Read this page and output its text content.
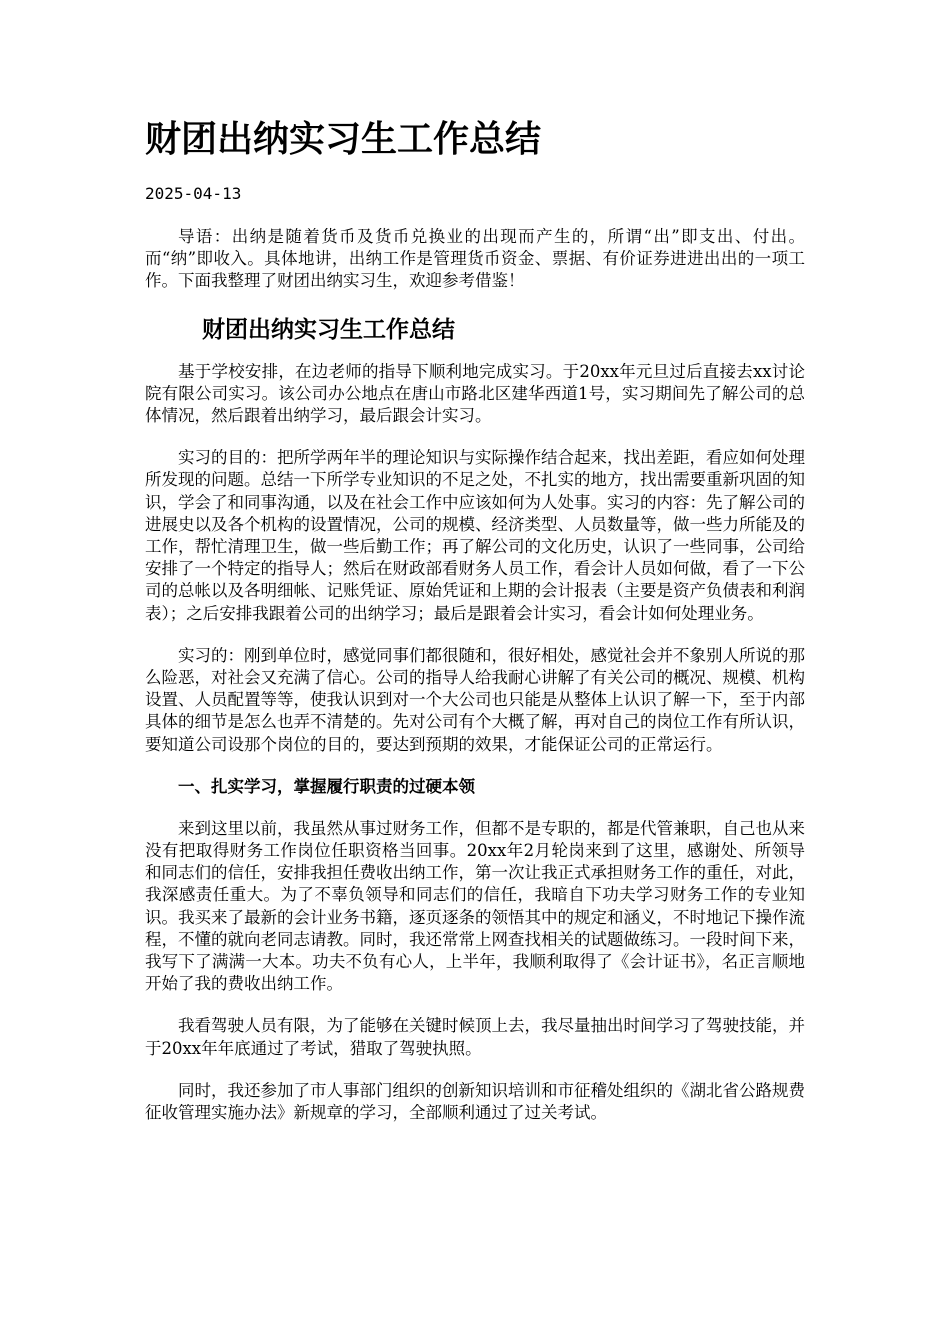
财团出纳实习生工作总结
2025-04-13

导语：出纳是随着货币及货币兑换业的出现而产生的，所谓“出”即支出、付出。而“纳”即收入。具体地讲，出纳工作是管理货币资金、票据、有价证券进进出出的一项工作。下面我整理了财团出纳实习生，欢迎参考借鉴！

财团出纳实习生工作总结

基于学校安排，在边老师的指导下顺利地完成实习。于20xx年元旦过后直接去xx讨论院有限公司实习。该公司办公地点在唐山市路北区建华西道1号，实习期间先了解公司的总体情况，然后跟着出纳学习，最后跟会计实习。

实习的目的：把所学两年半的理论知识与实际操作结合起来，找出差距，看应如何处理所发现的问题。总结一下所学专业知识的不足之处，不扎实的地方，找出需要重新巩固的知识，学会了和同事沟通，以及在社会工作中应该如何为人处事。实习的内容：先了解公司的进展史以及各个机构的设置情况，公司的规模、经济类型、人员数量等，做一些力所能及的工作，帮忙清理卫生，做一些后勤工作；再了解公司的文化历史，认识了一些同事，公司给安排了一个特定的指导人；然后在财政部看财务人员工作，看会计人员如何做，看了一下公司的总帐以及各明细帐、记账凭证、原始凭证和上期的会计报表（主要是资产负债表和利润表）；之后安排我跟着公司的出纳学习；最后是跟着会计实习，看会计如何处理业务。

实习的：刚到单位时，感觉同事们都很随和，很好相处，感觉社会并不象别人所说的那么险恶，对社会又充满了信心。公司的指导人给我耐心讲解了有关公司的概况、规模、机构设置、人员配置等等，使我认识到对一个大公司也只能是从整体上认识了解一下，至于内部具体的细节是怎么也弄不清楚的。先对公司有个大概了解，再对自己的岗位工作有所认识，要知道公司设那个岗位的目的，要达到预期的效果，才能保证公司的正常运行。

一、扎实学习，掌握履行职责的过硬本领

来到这里以前，我虽然从事过财务工作，但都不是专职的，都是代管兼职，自己也从来没有把取得财务工作岗位任职资格当回事。20xx年2月轮岗来到了这里，感谢处、所领导和同志们的信任，安排我担任费收出纳工作，第一次让我正式承担财务工作的重任，对此，我深感责任重大。为了不辜负领导和同志们的信任，我暗自下功夫学习财务工作的专业知识。我买来了最新的会计业务书籍，逐页逐条的领悟其中的规定和涵义，不时地记下操作流程，不懂的就向老同志请教。同时，我还常常上网查找相关的试题做练习。一段时间下来，我写下了满满一大本。功夫不负有心人，上半年，我顺利取得了《会计证书》，名正言顺地开始了我的费收出纳工作。

我看驾驶人员有限，为了能够在关键时候顶上去，我尽量抽出时间学习了驾驶技能，并于20xx年年底通过了考试，猎取了驾驶执照。

同时，我还参加了市人事部门组织的创新知识培训和市征稽处组织的《湖北省公路规费征收管理实施办法》新规章的学习，全部顺利通过了过关考试。
